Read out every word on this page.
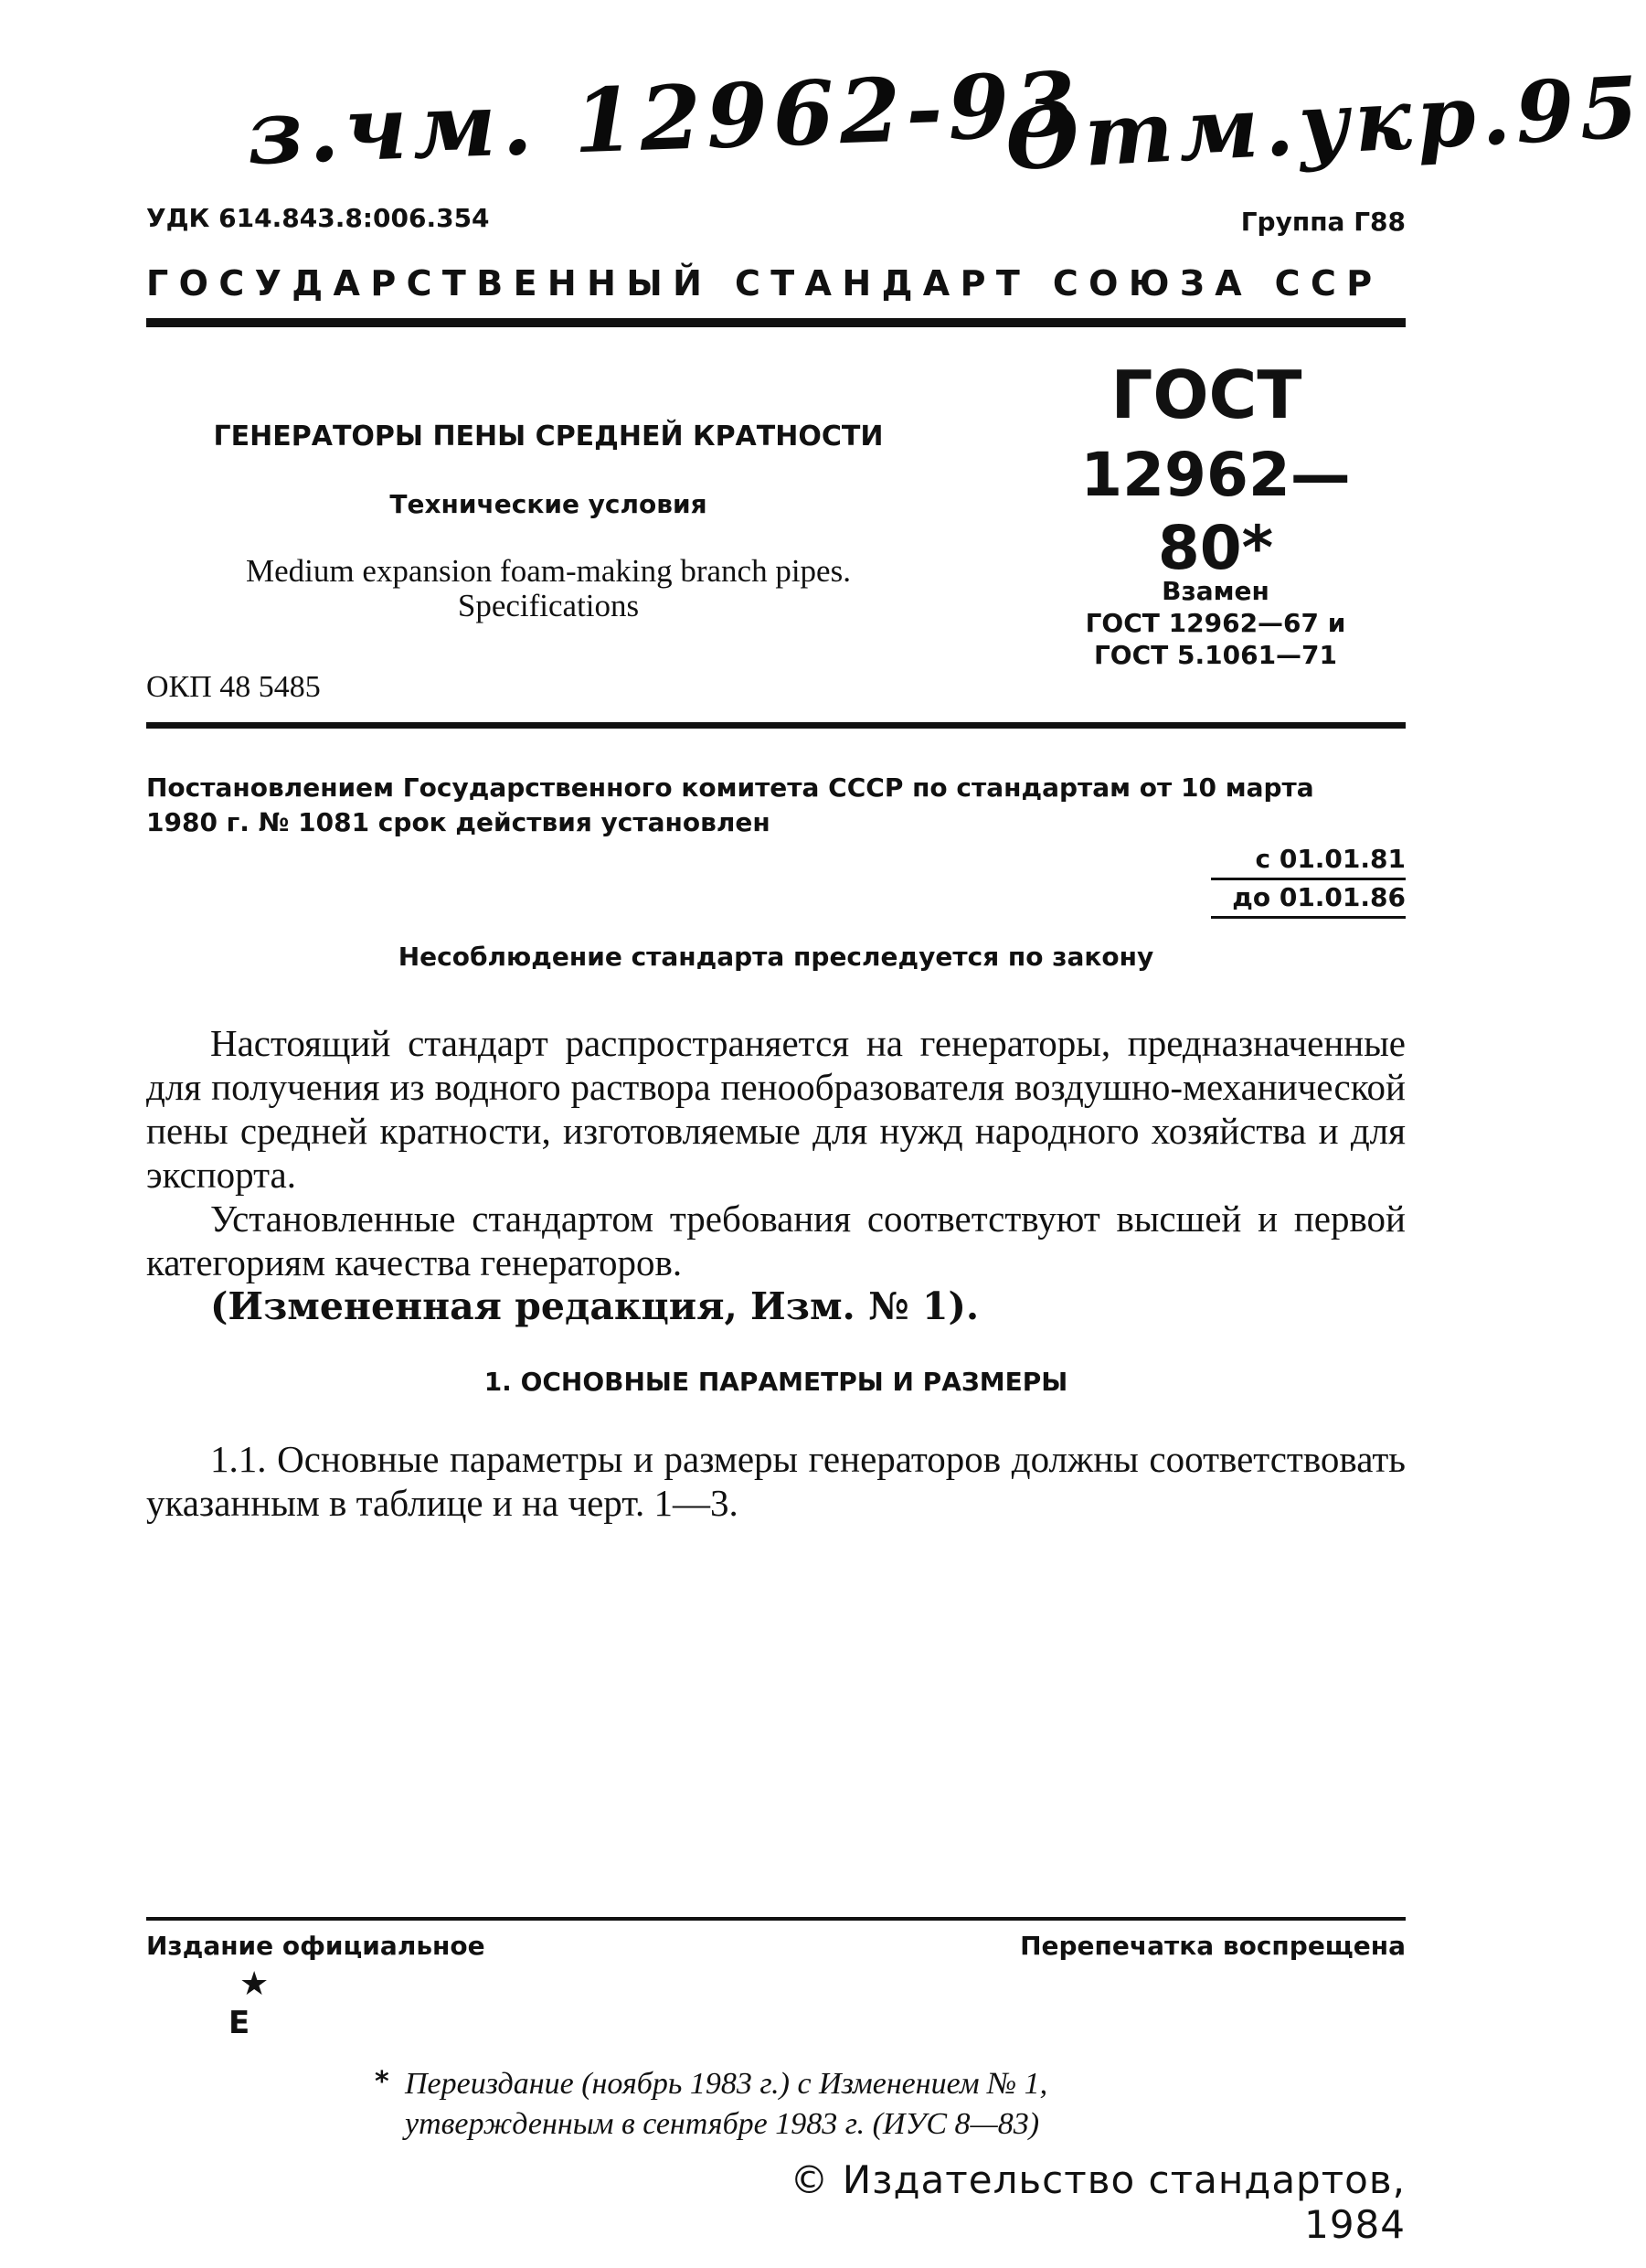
з.чм. 12962-93
Отм.укр.95
УДК 614.843.8:006.354	Группа Г88
ГОСУДАРСТВЕННЫЙ СТАНДАРТ СОЮЗА ССР
ГЕНЕРАТОРЫ ПЕНЫ СРЕДНЕЙ КРАТНОСТИ
Технические условия
Medium expansion foam-making branch pipes.
Specifications
ОКП 48 5485
ГОСТ
12962—80*
Взамен
ГОСТ 12962—67 и
ГОСТ 5.1061—71
Постановлением Государственного комитета СССР по стандартам от 10 марта
1980 г. № 1081 срок действия установлен
с 01.01.81
до 01.01.86
Несоблюдение стандарта преследуется по закону
Настоящий стандарт распространяется на генераторы, предназначенные для получения из водного раствора пенообразователя воздушно-механической пены средней кратности, изготовляемые для нужд народного хозяйства и для экспорта.
Установленные стандартом требования соответствуют высшей и первой категориям качества генераторов.
(Измененная редакция, Изм. № 1).
1. ОСНОВНЫЕ ПАРАМЕТРЫ И РАЗМЕРЫ
1.1. Основные параметры и размеры генераторов должны соответствовать указанным в таблице и на черт. 1—3.
Издание официальное	Перепечатка воспрещена
★
Е
* Переиздание (ноябрь 1983 г.) с Изменением № 1,
утвержденным в сентябре 1983 г. (ИУС 8—83)
© Издательство стандартов, 1984
